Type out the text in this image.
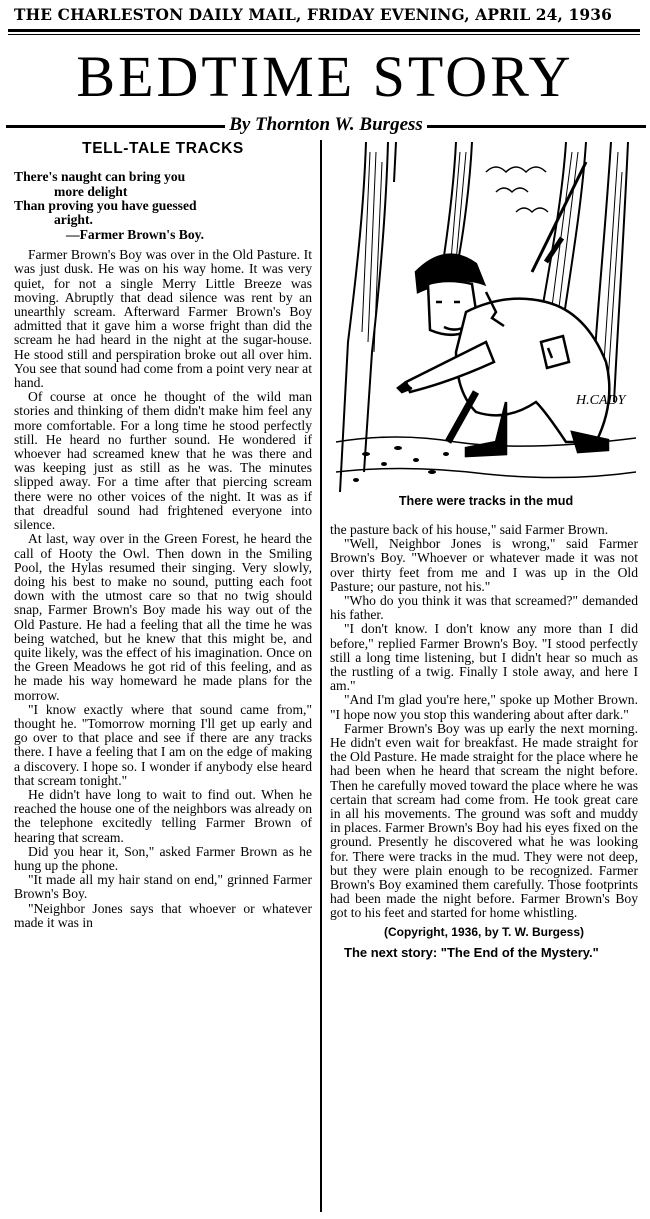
THE CHARLESTON DAILY MAIL, FRIDAY EVENING, APRIL 24, 1936
BEDTIME STORY
By Thornton W. Burgess
TELL-TALE TRACKS
There's naught can bring you
more delight
Than proving you have guessed
aright.
—Farmer Brown's Boy.

Farmer Brown's Boy was over in the Old Pasture. It was just dusk. He was on his way home. It was very quiet, for not a single Merry Little Breeze was moving. Abruptly that dead silence was rent by an unearthly scream. Afterward Farmer Brown's Boy admitted that it gave him a worse fright than did the scream he had heard in the night at the sugar-house. He stood still and perspiration broke out all over him. You see that sound had come from a point very near at hand.

Of course at once he thought of the wild man stories and thinking of them didn't make him feel any more comfortable. For a long time he stood perfectly still. He heard no further sound. He wondered if whoever had screamed knew that he was there and was keeping just as still as he was. The minutes slipped away. For a time after that piercing scream there were no other voices of the night. It was as if that dreadful sound had frightened everyone into silence.

At last, way over in the Green Forest, he heard the call of Hooty the Owl. Then down in the Smiling Pool, the Hylas resumed their singing. Very slowly, doing his best to make no sound, putting each foot down with the utmost care so that no twig should snap, Farmer Brown's Boy made his way out of the Old Pasture. He had a feeling that all the time he was being watched, but he knew that this might be, and quite likely, was the effect of his imagination. Once on the Green Meadows he got rid of this feeling, and as he made his way homeward he made plans for the morrow.

"I know exactly where that sound came from," thought he. "Tomorrow morning I'll get up early and go over to that place and see if there are any tracks there. I have a feeling that I am on the edge of making a discovery. I hope so. I wonder if anybody else heard that scream tonight."

He didn't have long to wait to find out. When he reached the house one of the neighbors was already on the telephone excitedly telling Farmer Brown of hearing that scream.

Did you hear it, Son," asked Farmer Brown as he hung up the phone.

"It made all my hair stand on end," grinned Farmer Brown's Boy.

"Neighbor Jones says that whoever or whatever made it was in

H.CADY
There were tracks in the mud

the pasture back of his house," said Farmer Brown.

"Well, Neighbor Jones is wrong," said Farmer Brown's Boy. "Whoever or whatever made it was not over thirty feet from me and I was up in the Old Pasture; our pasture, not his."

"Who do you think it was that screamed?" demanded his father.

"I don't know. I don't know any more than I did before," replied Farmer Brown's Boy. "I stood perfectly still a long time listening, but I didn't hear so much as the rustling of a twig. Finally I stole away, and here I am."

"And I'm glad you're here," spoke up Mother Brown. "I hope now you stop this wandering about after dark."

Farmer Brown's Boy was up early the next morning. He didn't even wait for breakfast. He made straight for the Old Pasture. He made straight for the place where he had been when he heard that scream the night before. Then he carefully moved toward the place where he was certain that scream had come from. He took great care in all his movements. The ground was soft and muddy in places. Farmer Brown's Boy had his eyes fixed on the ground. Presently he discovered what he was looking for. There were tracks in the mud. They were not deep, but they were plain enough to be recognized. Farmer Brown's Boy examined them carefully. Those footprints had been made the night before. Farmer Brown's Boy got to his feet and started for home whistling.

(Copyright, 1936, by T. W. Burgess)

The next story: "The End of the Mystery."
